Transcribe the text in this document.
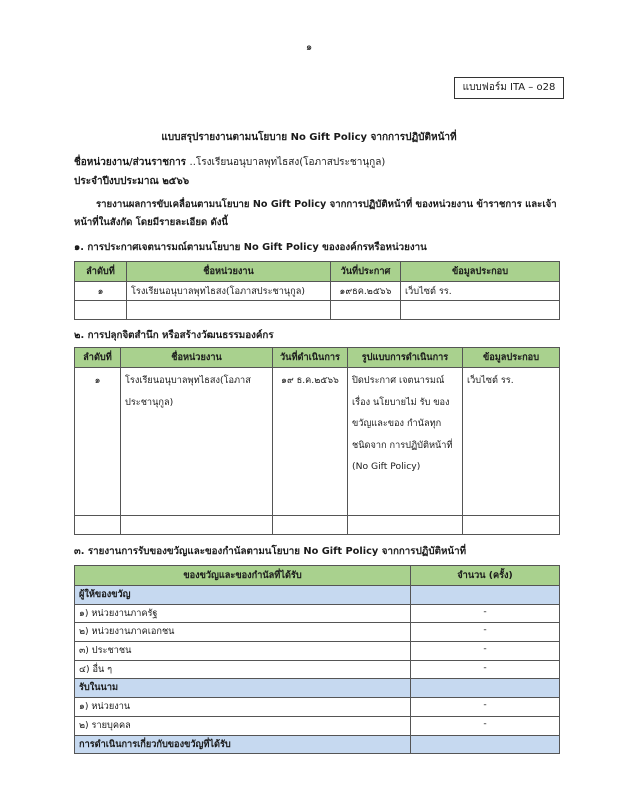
๑
แบบฟอร์ม ITA – o28
แบบสรุปรายงานตามนโยบาย No Gift Policy จากการปฏิบัติหน้าที่
ชื่อหน่วยงาน/ส่วนราชการ ..โรงเรียนอนุบาลพุทไธสง(โอภาสประชานุกูล)
ประจำปีงบประมาณ ๒๕๖๖
รายงานผลการขับเคลื่อนตามนโยบาย No Gift Policy จากการปฏิบัติหน้าที่ ของหน่วยงาน ข้าราชการ และเจ้าหน้าที่ในสังกัด โดยมีรายละเอียด ดังนี้
๑. การประกาศเจตนารมณ์ตามนโยบาย No Gift Policy ขององค์กรหรือหน่วยงาน
ลำดับที่	ชื่อหน่วยงาน	วันที่ประกาศ	ข้อมูลประกอบ
๑	โรงเรียนอนุบาลพุทไธสง(โอภาสประชานุกูล)	๑๙ธค.๒๕๖๖	เว็บไซต์ รร.

๒. การปลุกจิตสำนึก หรือสร้างวัฒนธรรมองค์กร
ลำดับที่	ชื่อหน่วยงาน	วันที่ดำเนินการ	รูปแบบการดำเนินการ	ข้อมูลประกอบ
๑	โรงเรียนอนุบาลพุทไธสง(โอภาส ประชานุกูล)	๑๙ ธ.ค.๒๕๖๖	ปิดประกาศ เจตนารมณ์เรื่อง นโยบายไม่ รับ ของขวัญและของ กำนัลทุกชนิดจาก การปฏิบัติหน้าที่ (No Gift Policy)	เว็บไซต์ รร.

๓. รายงานการรับของขวัญและของกำนัลตามนโยบาย No Gift Policy จากการปฏิบัติหน้าที่
ของขวัญและของกำนัลที่ได้รับ	จำนวน (ครั้ง)
ผู้ให้ของขวัญ	
๑) หน่วยงานภาครัฐ	-
๒) หน่วยงานภาคเอกชน	-
๓) ประชาชน	-
๔) อื่น ๆ	-
รับในนาม	
๑) หน่วยงาน	-
๒) รายบุคคล	-
การดำเนินการเกี่ยวกับของขวัญที่ได้รับ	
